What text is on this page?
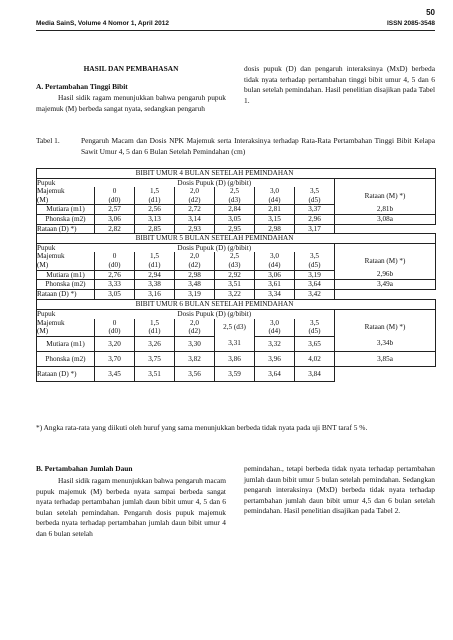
50
Media SainS, Volume 4 Nomor 1, April 2012	ISSN 2085-3548
HASIL DAN PEMBAHASAN
A. Pertambahan Tinggi Bibit
Hasil sidik ragam menunjukkan bahwa pengaruh pupuk majemuk (M) berbeda sangat nyata, sedangkan pengaruh
dosis pupuk (D) dan pengaruh interaksinya (MxD) berbeda tidak nyata terhadap pertambahan tinggi bibit umur 4, 5 dan 6 bulan setelah pemindahan. Hasil penelitian disajikan pada Tabel 1.
Tabel 1.	Pengaruh Macam dan Dosis NPK Majemuk serta Interaksinya terhadap Rata-Rata Pertambahan Tinggi Bibit Kelapa Sawit Umur 4, 5 dan 6 Bulan Setelah Pemindahan (cm)
	BIBIT UMUR 4 BULAN SETELAH PEMINDAHAN						
Pupuk	Dosis Pupuk (D) (g/bibit)						
Majemuk	0	1,5	2,0	2,5	3,0	3,5	Rataan (M) *)
(M)	(d0)	(d1)	(d2)	(d3)	(d4)	(d5)	
Mutiara (m1)	2,57	2,56	2,72	2,84	2,81	3,37	2,81b
Phonska (m2)	3,06	3,13	3,14	3,05	3,15	2,96	3,08a
Rataan (D) *)	2,82	2,85	2,93	2,95	2,98	3,17	
	BIBIT UMUR 5 BULAN SETELAH PEMINDAHAN						
Pupuk	Dosis Pupuk (D) (g/bibit)						
Majemuk	0	1,5	2,0	2,5	3,0	3,5	Rataan (M) *)
(M)	(d0)	(d1)	(d2)	(d3)	(d4)	(d5)	
Mutiara (m1)	2,76	2,94	2,98	2,92	3,06	3,19	2,96b
Phonska (m2)	3,33	3,38	3,48	3,51	3,61	3,64	3,49a
Rataan (D) *)	3,05	3,16	3,19	3,22	3,34	3,42	
	BIBIT UMUR 6 BULAN SETELAH PEMINDAHAN						
Pupuk	Dosis Pupuk (D) (g/bibit)						
Majemuk	0	1,5	2,0	2,5 (d3)	3,0	3,5	Rataan (M) *)
(M)	(d0)	(d1)	(d2)		(d4)	(d5)	
Mutiara (m1)	3,20	3,26	3,30	3,31	3,32	3,65	3,34b
Phonska (m2)	3,70	3,75	3,82	3,86	3,96	4,02	3,85a
Rataan (D) *)	3,45	3,51	3,56	3,59	3,64	3,84	
*) Angka rata-rata yang diikuti oleh huruf yang sama menunjukkan berbeda tidak nyata pada uji BNT taraf 5 %.
B. Pertambahan Jumlah Daun
Hasil sidik ragam menunjukkan bahwa pengaruh macam pupuk majemuk (M) berbeda nyata sampai berbeda sangat nyata terhadap pertambahan jumlah daun bibit umur 4, 5 dan 6 bulan setelah pemindahan. Pengaruh dosis pupuk majemuk berbeda nyata terhadap pertambahan jumlah daun bibit umur 4 dan 6 bulan setelah
pemindahan., tetapi berbeda tidak nyata terhadap pertambahan jumlah daun bibit umur 5 bulan setelah pemindahan. Sedangkan pengaruh interaksinya (MxD) berbeda tidak nyata terhadap pertambahan jumlah daun bibit umur 4,5 dan 6 bulan setelah pemindahan. Hasil penelitian disajikan pada Tabel 2.
